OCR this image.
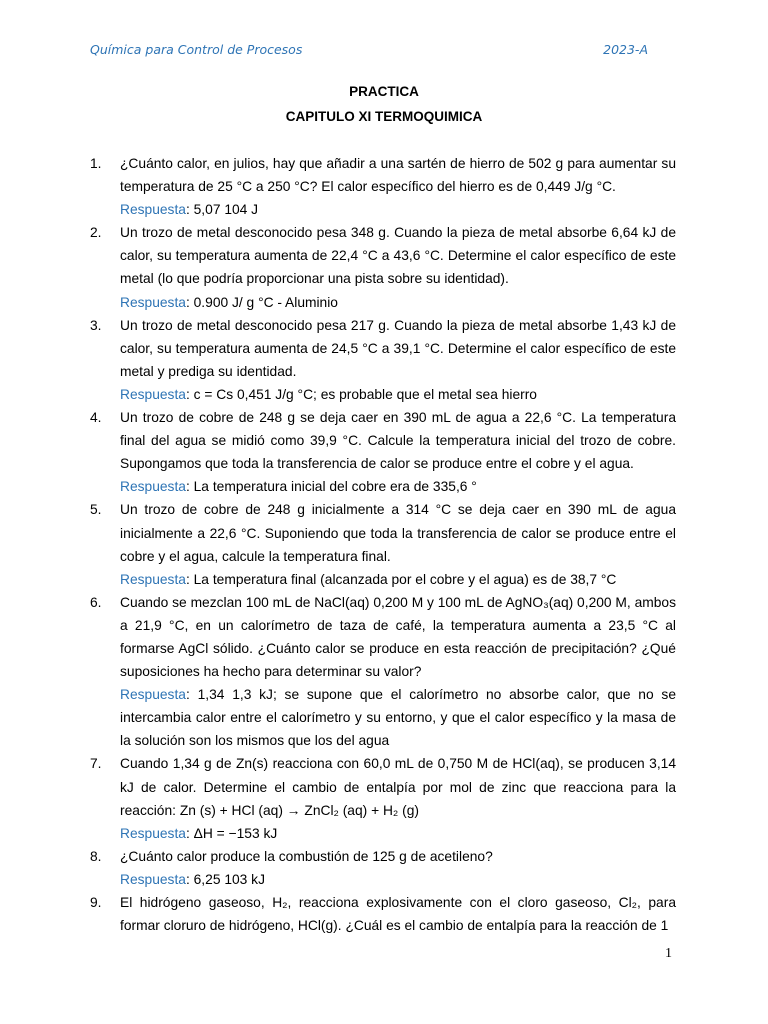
Química para Control de Procesos	2023-A
PRACTICA
CAPITULO XI TERMOQUIMICA
1. ¿Cuánto calor, en julios, hay que añadir a una sartén de hierro de 502 g para aumentar su temperatura de 25 °C a 250 °C? El calor específico del hierro es de 0,449 J/g °C.
Respuesta: 5,07 104 J
2. Un trozo de metal desconocido pesa 348 g. Cuando la pieza de metal absorbe 6,64 kJ de calor, su temperatura aumenta de 22,4 °C a 43,6 °C. Determine el calor específico de este metal (lo que podría proporcionar una pista sobre su identidad).
Respuesta: 0.900 J/ g °C - Aluminio
3. Un trozo de metal desconocido pesa 217 g. Cuando la pieza de metal absorbe 1,43 kJ de calor, su temperatura aumenta de 24,5 °C a 39,1 °C. Determine el calor específico de este metal y prediga su identidad.
Respuesta: c = Cs 0,451 J/g °C; es probable que el metal sea hierro
4. Un trozo de cobre de 248 g se deja caer en 390 mL de agua a 22,6 °C. La temperatura final del agua se midió como 39,9 °C. Calcule la temperatura inicial del trozo de cobre. Supongamos que toda la transferencia de calor se produce entre el cobre y el agua.
Respuesta: La temperatura inicial del cobre era de 335,6 °
5. Un trozo de cobre de 248 g inicialmente a 314 °C se deja caer en 390 mL de agua inicialmente a 22,6 °C. Suponiendo que toda la transferencia de calor se produce entre el cobre y el agua, calcule la temperatura final.
Respuesta: La temperatura final (alcanzada por el cobre y el agua) es de 38,7 °C
6. Cuando se mezclan 100 mL de NaCl(aq) 0,200 M y 100 mL de AgNO₃(aq) 0,200 M, ambos a 21,9 °C, en un calorímetro de taza de café, la temperatura aumenta a 23,5 °C al formarse AgCl sólido. ¿Cuánto calor se produce en esta reacción de precipitación? ¿Qué suposiciones ha hecho para determinar su valor?
Respuesta: 1,34 1,3 kJ; se supone que el calorímetro no absorbe calor, que no se intercambia calor entre el calorímetro y su entorno, y que el calor específico y la masa de la solución son los mismos que los del agua
7. Cuando 1,34 g de Zn(s) reacciona con 60,0 mL de 0,750 M de HCl(aq), se producen 3,14 kJ de calor. Determine el cambio de entalpía por mol de zinc que reacciona para la reacción: Zn (s) + HCl (aq) → ZnCl₂ (aq) + H₂ (g)
Respuesta: ΔH = −153 kJ
8. ¿Cuánto calor produce la combustión de 125 g de acetileno?
Respuesta: 6,25 103 kJ
9. El hidrógeno gaseoso, H₂, reacciona explosivamente con el cloro gaseoso, Cl₂, para formar cloruro de hidrógeno, HCl(g). ¿Cuál es el cambio de entalpía para la reacción de 1
1
